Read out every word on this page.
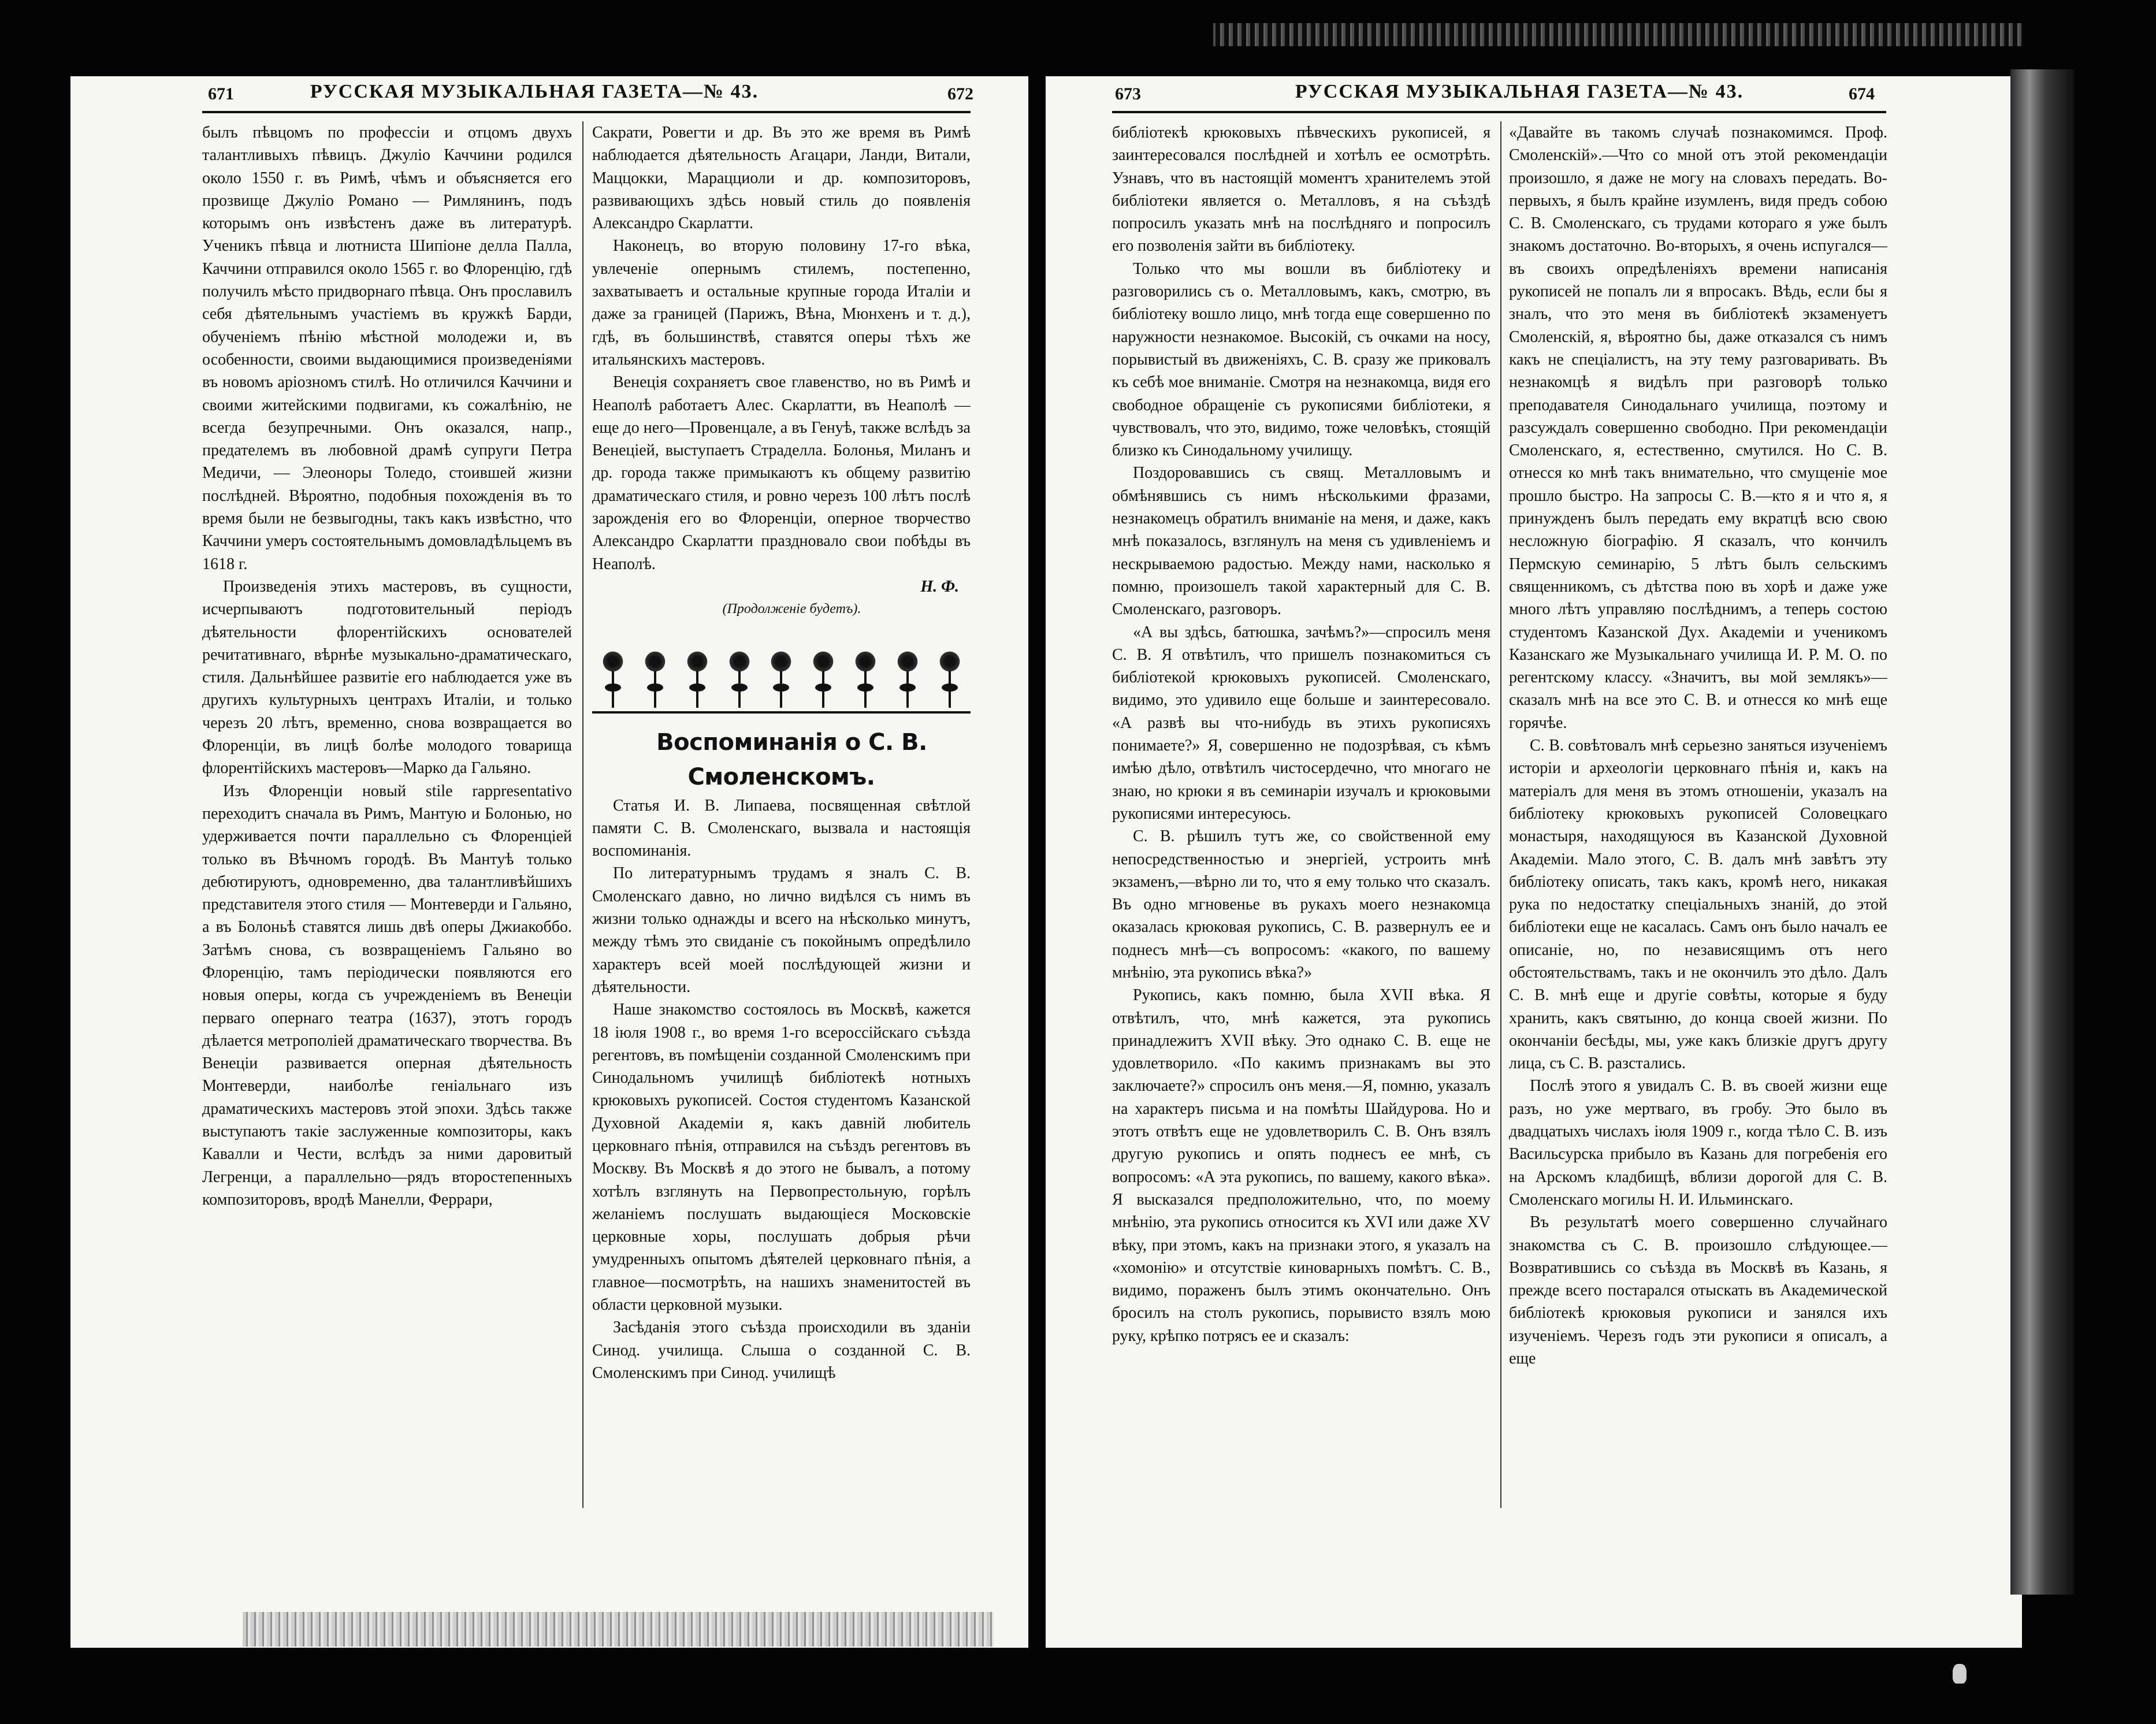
671	РУССКАЯ МУЗЫКАЛЬНАЯ ГАЗЕТА—№ 43.	672

былъ пѣвцомъ по профессіи и отцомъ двухъ талантливыхъ пѣвицъ. Джуліо Каччини родился около 1550 г. въ Римѣ, чѣмъ и объясняется его прозвище Джуліо Романо — Римлянинъ, подъ которымъ онъ извѣстенъ даже въ литературѣ. Ученикъ пѣвца и лютниста Шипіоне делла Палла, Каччини отправился около 1565 г. во Флоренцію, гдѣ получилъ мѣсто придворнаго пѣвца. Онъ прославилъ себя дѣятельнымъ участіемъ въ кружкѣ Барди, обученіемъ пѣнію мѣстной молодежи и, въ особенности, своими выдающимися произведеніями въ новомъ аріозномъ стилѣ. Но отличился Каччини и своими житейскими подвигами, къ сожалѣнію, не всегда безупречными. Онъ оказался, напр., предателемъ въ любовной драмѣ супруги Петра Медичи, — Элеоноры Толедо, стоившей жизни послѣдней. Вѣроятно, подобныя похожденія въ то время были не безвыгодны, такъ какъ извѣстно, что Каччини умеръ состоятельнымъ домовладѣльцемъ въ 1618 г.

Произведенія этихъ мастеровъ, въ сущности, исчерпываютъ подготовительный періодъ дѣятельности флорентійскихъ основателей речитативнаго, вѣрнѣе музыкально-драматическаго, стиля. Дальнѣйшее развитіе его наблюдается уже въ другихъ культурныхъ центрахъ Италіи, и только черезъ 20 лѣтъ, временно, снова возвращается во Флоренціи, въ лицѣ болѣе молодого товарища флорентійскихъ мастеровъ—Марко да Гальяно.

Изъ Флоренціи новый stile rappresentativo переходитъ сначала въ Римъ, Мантую и Болонью, но удерживается почти параллельно съ Флоренціей только въ Вѣчномъ городѣ. Въ Мантуѣ только дебютируютъ, одновременно, два талантливѣйшихъ представителя этого стиля — Монтеверди и Гальяно, а въ Болоньѣ ставятся лишь двѣ оперы Джиакоббо. Затѣмъ снова, съ возвращеніемъ Гальяно во Флоренцію, тамъ періодически появляются его новыя оперы, когда съ учрежденіемъ въ Венеціи перваго опернаго театра (1637), этотъ городъ дѣлается метрополіей драматическаго творчества. Въ Венеціи развивается оперная дѣятельность Монтеверди, наиболѣе геніальнаго изъ драматическихъ мастеровъ этой эпохи. Здѣсь также выступаютъ такіе заслуженные композиторы, какъ Кавалли и Чести, вслѣдъ за ними даровитый Легренци, а параллельно—рядъ второстепенныхъ композиторовъ, вродѣ Манелли, Феррари,

Сакрати, Ровегти и др. Въ это же время въ Римѣ наблюдается дѣятельность Агацари, Ланди, Витали, Маццокки, Марацциоли и др. композиторовъ, развивающихъ здѣсь новый стиль до появленія Александро Скарлатти.

Наконецъ, во вторую половину 17-го вѣка, увлеченіе опернымъ стилемъ, постепенно, захватываетъ и остальные крупные города Италіи и даже за границей (Парижъ, Вѣна, Мюнхенъ и т. д.), гдѣ, въ большинствѣ, ставятся оперы тѣхъ же итальянскихъ мастеровъ.

Венеція сохраняетъ свое главенство, но въ Римѣ и Неаполѣ работаетъ Алес. Скарлатти, въ Неаполѣ — еще до него—Провенцале, а въ Генуѣ, также вслѣдъ за Венеціей, выступаетъ Страделла. Болонья, Миланъ и др. города также примыкаютъ къ общему развитію драматическаго стиля, и ровно черезъ 100 лѣтъ послѣ зарожденія его во Флоренціи, оперное творчество Александро Скарлатти праздновало свои побѣды въ Неаполѣ.

Н. Ф.

(Продолженіе будетъ).

Воспоминанія о С. В. Смоленскомъ.

Статья И. В. Липаева, посвященная свѣтлой памяти С. В. Смоленскаго, вызвала и настоящія воспоминанія.

По литературнымъ трудамъ я зналъ С. В. Смоленскаго давно, но лично видѣлся съ нимъ въ жизни только однажды и всего на нѣсколько минутъ, между тѣмъ это свиданіе съ покойнымъ опредѣлило характеръ всей моей послѣдующей жизни и дѣятельности.

Наше знакомство состоялось въ Москвѣ, кажется 18 іюля 1908 г., во время 1-го всероссійскаго съѣзда регентовъ, въ помѣщеніи созданной Смоленскимъ при Синодальномъ училищѣ библіотекѣ нотныхъ крюковыхъ рукописей. Состоя студентомъ Казанской Духовной Академіи я, какъ давній любитель церковнаго пѣнія, отправился на съѣздъ регентовъ въ Москву. Въ Москвѣ я до этого не бывалъ, а потому хотѣлъ взглянуть на Первопрестольную, горѣлъ желаніемъ послушать выдающіеся Московскіе церковные хоры, послушать добрыя рѣчи умудренныхъ опытомъ дѣятелей церковнаго пѣнія, а главное—посмотрѣть, на нашихъ знаменитостей въ области церковной музыки.

Засѣданія этого съѣзда происходили въ зданіи Синод. училища. Слыша о созданной С. В. Смоленскимъ при Синод. училищѣ

673	РУССКАЯ МУЗЫКАЛЬНАЯ ГАЗЕТА—№ 43.	674

библіотекѣ крюковыхъ пѣвческихъ рукописей, я заинтересовался послѣдней и хотѣлъ ее осмотрѣть. Узнавъ, что въ настоящій моментъ хранителемъ этой библіотеки является о. Металловъ, я на съѣздѣ попросилъ указать мнѣ на послѣдняго и попросилъ его позволенія зайти въ библіотеку.

Только что мы вошли въ библіотеку и разговорились съ о. Металловымъ, какъ, смотрю, въ библіотеку вошло лицо, мнѣ тогда еще совершенно по наружности незнакомое. Высокій, съ очками на носу, порывистый въ движеніяхъ, С. В. сразу же приковалъ къ себѣ мое вниманіе. Смотря на незнакомца, видя его свободное обращеніе съ рукописями библіотеки, я чувствовалъ, что это, видимо, тоже человѣкъ, стоящій близко къ Синодальному училищу.

Поздоровавшись съ свящ. Металловымъ и обмѣнявшись съ нимъ нѣсколькими фразами, незнакомецъ обратилъ вниманіе на меня, и даже, какъ мнѣ показалось, взглянулъ на меня съ удивленіемъ и нескрываемою радостью. Между нами, насколько я помню, произошелъ такой характерный для С. В. Смоленскаго, разговоръ.

«А вы здѣсь, батюшка, зачѣмъ?»—спросилъ меня С. В. Я отвѣтилъ, что пришелъ познакомиться съ библіотекой крюковыхъ рукописей. Смоленскаго, видимо, это удивило еще больше и заинтересовало. «А развѣ вы что-нибудь въ этихъ рукописяхъ понимаете?» Я, совершенно не подозрѣвая, съ кѣмъ имѣю дѣло, отвѣтилъ чистосердечно, что многаго не знаю, но крюки я въ семинаріи изучалъ и крюковыми рукописями интересуюсь.

С. В. рѣшилъ тутъ же, со свойственной ему непосредственностью и энергіей, устроить мнѣ экзаменъ,—вѣрно ли то, что я ему только что сказалъ. Въ одно мгновенье въ рукахъ моего незнакомца оказалась крюковая рукопись, С. В. развернулъ ее и поднесъ мнѣ—съ вопросомъ: «какого, по вашему мнѣнію, эта рукопись вѣка?»

Рукопись, какъ помню, была XVII вѣка. Я отвѣтилъ, что, мнѣ кажется, эта рукопись принадлежитъ XVII вѣку. Это однако С. В. еще не удовлетворило. «По какимъ признакамъ вы это заключаете?» спросилъ онъ меня.—Я, помню, указалъ на характеръ письма и на помѣты Шайдурова. Но и этотъ отвѣтъ еще не удовлетворилъ С. В. Онъ взялъ другую рукопись и опять поднесъ ее мнѣ, съ вопросомъ: «А эта рукопись, по вашему, какого вѣка». Я высказался предположительно, что, по моему мнѣнію, эта рукопись относится къ XVI или даже XV вѣку, при этомъ, какъ на признаки этого, я указалъ на «хомонію» и отсутствіе киноварныхъ помѣтъ. С. В., видимо, пораженъ былъ этимъ окончательно. Онъ бросилъ на столъ рукопись, порывисто взялъ мою руку, крѣпко потрясъ ее и сказалъ:

«Давайте въ такомъ случаѣ познакомимся. Проф. Смоленскій».—Что со мной отъ этой рекомендаціи произошло, я даже не могу на словахъ передать. Во-первыхъ, я былъ крайне изумленъ, видя предъ собою С. В. Смоленскаго, съ трудами котораго я уже былъ знакомъ достаточно. Во-вторыхъ, я очень испугался—въ своихъ опредѣленіяхъ времени написанія рукописей не попалъ ли я впросакъ. Вѣдь, если бы я зналъ, что это меня въ библіотекѣ экзаменуетъ Смоленскій, я, вѣроятно бы, даже отказался съ нимъ какъ не спеціалистъ, на эту тему разговаривать. Въ незнакомцѣ я видѣлъ при разговорѣ только преподавателя Синодальнаго училища, поэтому и разсуждалъ совершенно свободно. При рекомендаціи Смоленскаго, я, естественно, смутился. Но С. В. отнесся ко мнѣ такъ внимательно, что смущеніе мое прошло быстро. На запросы С. В.—кто я и что я, я принужденъ былъ передать ему вкратцѣ всю свою несложную біографію. Я сказалъ, что кончилъ Пермскую семинарію, 5 лѣтъ былъ сельскимъ священникомъ, съ дѣтства пою въ хорѣ и даже уже много лѣтъ управляю послѣднимъ, а теперь состою студентомъ Казанской Дух. Академіи и ученикомъ Казанскаго же Музыкальнаго училища И. Р. М. О. по регентскому классу. «Значитъ, вы мой землякъ»—сказалъ мнѣ на все это С. В. и отнесся ко мнѣ еще горячѣе.

С. В. совѣтовалъ мнѣ серьезно заняться изученіемъ исторіи и археологіи церковнаго пѣнія и, какъ на матеріалъ для меня въ этомъ отношеніи, указалъ на библіотеку крюковыхъ рукописей Соловецкаго монастыря, находящуюся въ Казанской Духовной Академіи. Мало этого, С. В. далъ мнѣ завѣтъ эту библіотеку описать, такъ какъ, кромѣ него, никакая рука по недостатку спеціальныхъ знаній, до этой библіотеки еще не касалась. Самъ онъ было началъ ее описаніе, но, по независящимъ отъ него обстоятельствамъ, такъ и не окончилъ это дѣло. Далъ С. В. мнѣ еще и другіе совѣты, которые я буду хранить, какъ святыню, до конца своей жизни. По окончаніи бесѣды, мы, уже какъ близкіе другъ другу лица, съ С. В. разстались.

Послѣ этого я увидалъ С. В. въ своей жизни еще разъ, но уже мертваго, въ гробу. Это было въ двадцатыхъ числахъ іюля 1909 г., когда тѣло С. В. изъ Васильсурска прибыло въ Казань для погребенія его на Арскомъ кладбищѣ, вблизи дорогой для С. В. Смоленскаго могилы Н. И. Ильминскаго.

Въ результатѣ моего совершенно случайнаго знакомства съ С. В. произошло слѣдующее.—Возвратившись со съѣзда въ Москвѣ въ Казань, я прежде всего постарался отыскать въ Академической библіотекѣ крюковыя рукописи и занялся ихъ изученіемъ. Черезъ годъ эти рукописи я описалъ, а еще
